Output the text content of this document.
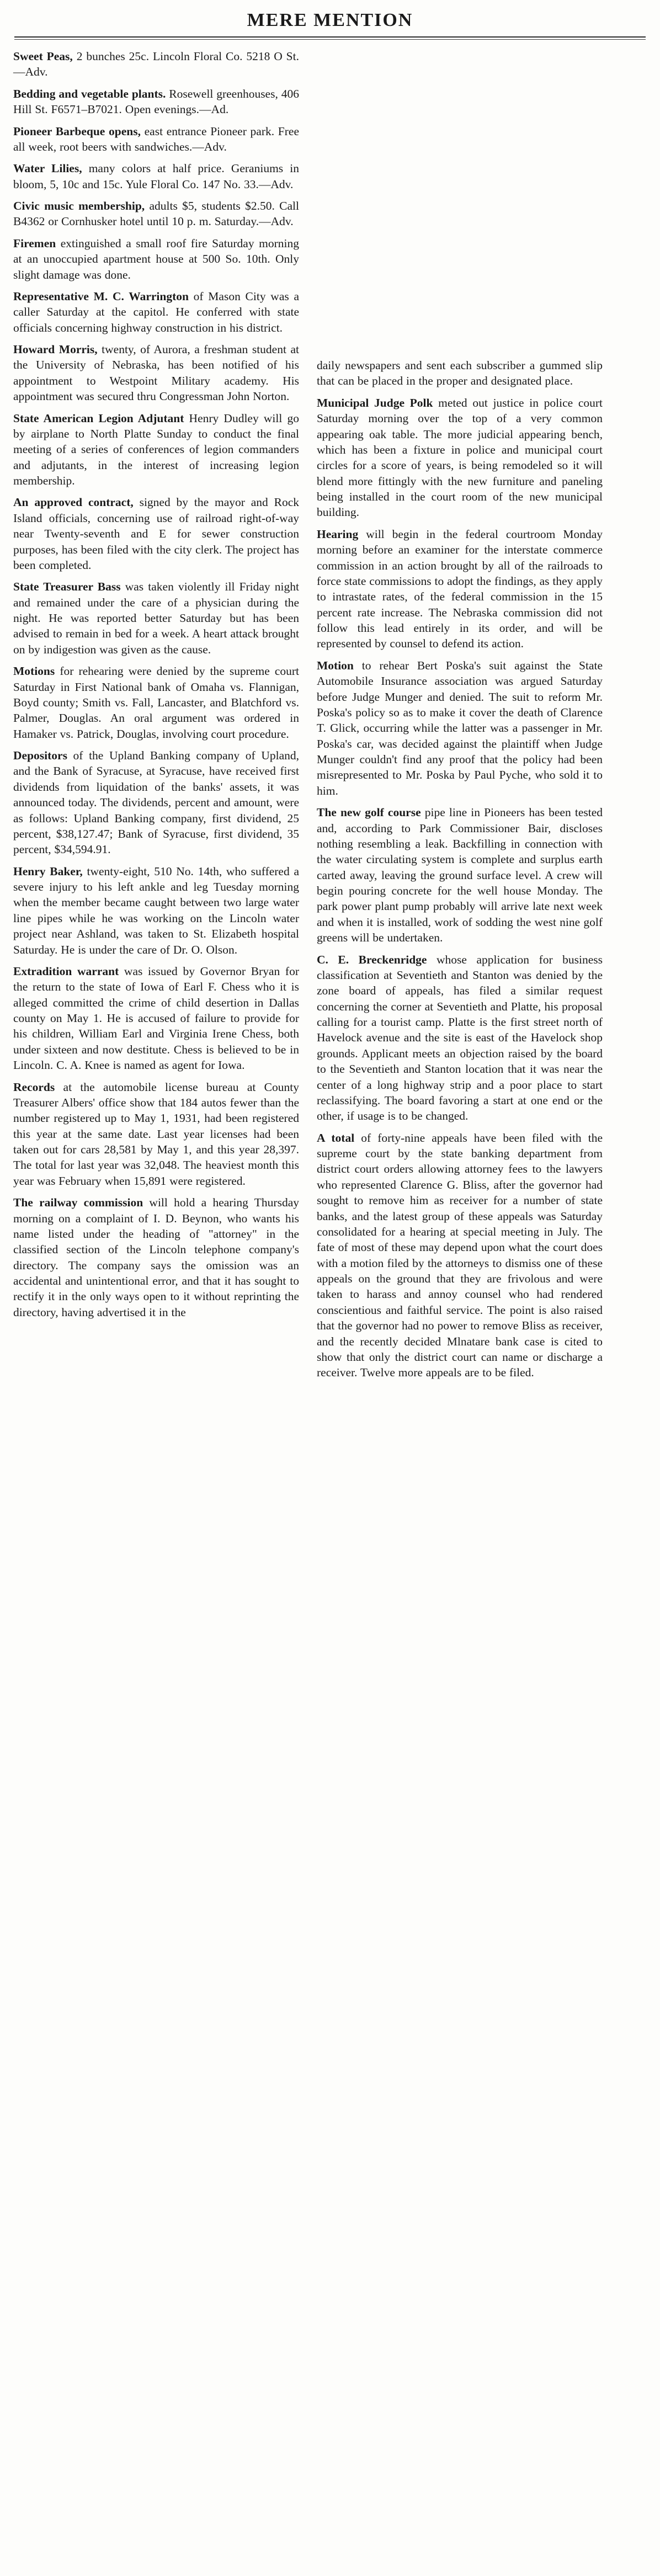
MERE MENTION

Sweet Peas, 2 bunches 25c. Lincoln Floral Co. 5218 O St.—Adv.

Bedding and vegetable plants. Rosewell greenhouses, 406 Hill St. F6571–B7021. Open evenings.—Ad.

Pioneer Barbeque opens, east entrance Pioneer park. Free all week, root beers with sandwiches.—Adv.

Water Lilies, many colors at half price. Geraniums in bloom, 5, 10c and 15c. Yule Floral Co. 147 No. 33.—Adv.

Civic music membership, adults $5, students $2.50. Call B4362 or Cornhusker hotel until 10 p. m. Saturday.—Adv.

Firemen extinguished a small roof fire Saturday morning at an unoccupied apartment house at 500 So. 10th. Only slight damage was done.

Representative M. C. Warrington of Mason City was a caller Saturday at the capitol. He conferred with state officials concerning highway construction in his district.

Howard Morris, twenty, of Aurora, a freshman student at the University of Nebraska, has been notified of his appointment to Westpoint Military academy. His appointment was secured thru Congressman John Norton.

State American Legion Adjutant Henry Dudley will go by airplane to North Platte Sunday to conduct the final meeting of a series of conferences of legion commanders and adjutants, in the interest of increasing legion membership.

An approved contract, signed by the mayor and Rock Island officials, concerning use of railroad right-of-way near Twenty-seventh and E for sewer construction purposes, has been filed with the city clerk. The project has been completed.

State Treasurer Bass was taken violently ill Friday night and remained under the care of a physician during the night. He was reported better Saturday but has been advised to remain in bed for a week. A heart attack brought on by indigestion was given as the cause.

Motions for rehearing were denied by the supreme court Saturday in First National bank of Omaha vs. Flannigan, Boyd county; Smith vs. Fall, Lancaster, and Blatchford vs. Palmer, Douglas. An oral argument was ordered in Hamaker vs. Patrick, Douglas, involving court procedure.

Depositors of the Upland Banking company of Upland, and the Bank of Syracuse, at Syracuse, have received first dividends from liquidation of the banks' assets, it was announced today. The dividends, percent and amount, were as follows: Upland Banking company, first dividend, 25 percent, $38,127.47; Bank of Syracuse, first dividend, 35 percent, $34,594.91.

Henry Baker, twenty-eight, 510 No. 14th, who suffered a severe injury to his left ankle and leg Tuesday morning when the member became caught between two large water line pipes while he was working on the Lincoln water project near Ashland, was taken to St. Elizabeth hospital Saturday. He is under the care of Dr. O. Olson.

Extradition warrant was issued by Governor Bryan for the return to the state of Iowa of Earl F. Chess who it is alleged committed the crime of child desertion in Dallas county on May 1. He is accused of failure to provide for his children, William Earl and Virginia Irene Chess, both under sixteen and now destitute. Chess is believed to be in Lincoln. C. A. Knee is named as agent for Iowa.

Records at the automobile license bureau at County Treasurer Albers' office show that 184 autos fewer than the number registered up to May 1, 1931, had been registered this year at the same date. Last year licenses had been taken out for cars 28,581 by May 1, and this year 28,397. The total for last year was 32,048. The heaviest month this year was February when 15,891 were registered.

The railway commission will hold a hearing Thursday morning on a complaint of I. D. Beynon, who wants his name listed under the heading of "attorney" in the classified section of the Lincoln telephone company's directory. The company says the omission was an accidental and unintentional error, and that it has sought to rectify it in the only ways open to it without reprinting the directory, having advertised it in the

daily newspapers and sent each subscriber a gummed slip that can be placed in the proper and designated place.

Municipal Judge Polk meted out justice in police court Saturday morning over the top of a very common appearing oak table. The more judicial appearing bench, which has been a fixture in police and municipal court circles for a score of years, is being remodeled so it will blend more fittingly with the new furniture and paneling being installed in the court room of the new municipal building.

Hearing will begin in the federal courtroom Monday morning before an examiner for the interstate commerce commission in an action brought by all of the railroads to force state commissions to adopt the findings, as they apply to intrastate rates, of the federal commission in the 15 percent rate increase. The Nebraska commission did not follow this lead entirely in its order, and will be represented by counsel to defend its action.

Motion to rehear Bert Poska's suit against the State Automobile Insurance association was argued Saturday before Judge Munger and denied. The suit to reform Mr. Poska's policy so as to make it cover the death of Clarence T. Glick, occurring while the latter was a passenger in Mr. Poska's car, was decided against the plaintiff when Judge Munger couldn't find any proof that the policy had been misrepresented to Mr. Poska by Paul Pyche, who sold it to him.

The new golf course pipe line in Pioneers has been tested and, according to Park Commissioner Bair, discloses nothing resembling a leak. Backfilling in connection with the water circulating system is complete and surplus earth carted away, leaving the ground surface level. A crew will begin pouring concrete for the well house Monday. The park power plant pump probably will arrive late next week and when it is installed, work of sodding the west nine golf greens will be undertaken.

C. E. Breckenridge whose application for business classification at Seventieth and Stanton was denied by the zone board of appeals, has filed a similar request concerning the corner at Seventieth and Platte, his proposal calling for a tourist camp. Platte is the first street north of Havelock avenue and the site is east of the Havelock shop grounds. Applicant meets an objection raised by the board to the Seventieth and Stanton location that it was near the center of a long highway strip and a poor place to start reclassifying. The board favoring a start at one end or the other, if usage is to be changed.

A total of forty-nine appeals have been filed with the supreme court by the state banking department from district court orders allowing attorney fees to the lawyers who represented Clarence G. Bliss, after the governor had sought to remove him as receiver for a number of state banks, and the latest group of these appeals was Saturday consolidated for a hearing at special meeting in July. The fate of most of these may depend upon what the court does with a motion filed by the attorneys to dismiss one of these appeals on the ground that they are frivolous and were taken to harass and annoy counsel who had rendered conscientious and faithful service. The point is also raised that the governor had no power to remove Bliss as receiver, and the recently decided Mlnatare bank case is cited to show that only the district court can name or discharge a receiver. Twelve more appeals are to be filed.
